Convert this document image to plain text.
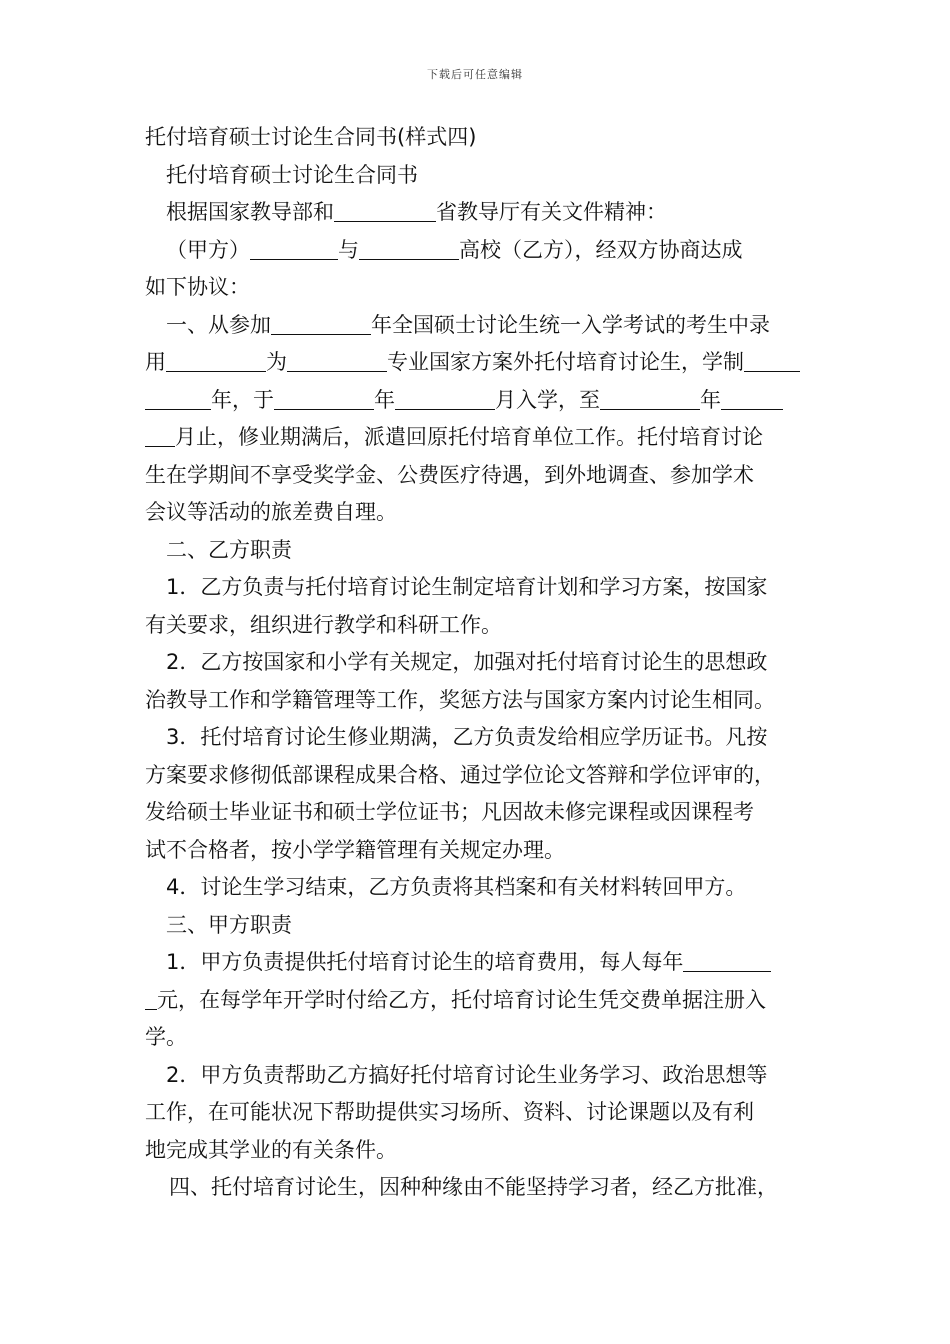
下载后可任意编辑
托付培育硕士讨论生合同书(样式四)
托付培育硕士讨论生合同书
根据国家教导部和	省教导厅有关文件精神：
（甲方）	与	高校（乙方），经双方协商达成
如下协议：
一、从参加	年全国硕士讨论生统一入学考试的考生中录
用	为	专业国家方案外托付培育讨论生，学制
年，于	年	月入学，至	年
月止，修业期满后，派遣回原托付培育单位工作。托付培育讨论
生在学期间不享受奖学金、公费医疗待遇，到外地调查、参加学术
会议等活动的旅差费自理。
二、乙方职责
1．乙方负责与托付培育讨论生制定培育计划和学习方案，按国家
有关要求，组织进行教学和科研工作。
2．乙方按国家和小学有关规定，加强对托付培育讨论生的思想政
治教导工作和学籍管理等工作，奖惩方法与国家方案内讨论生相同。
3．托付培育讨论生修业期满，乙方负责发给相应学历证书。凡按
方案要求修彻低部课程成果合格、通过学位论文答辩和学位评审的，
发给硕士毕业证书和硕士学位证书；凡因故未修完课程或因课程考
试不合格者，按小学学籍管理有关规定办理。
4．讨论生学习结束，乙方负责将其档案和有关材料转回甲方。
三、甲方职责
1．甲方负责提供托付培育讨论生的培育费用，每人每年
元，在每学年开学时付给乙方，托付培育讨论生凭交费单据注册入
学。
2．甲方负责帮助乙方搞好托付培育讨论生业务学习、政治思想等
工作，在可能状况下帮助提供实习场所、资料、讨论课题以及有利
地完成其学业的有关条件。
四、托付培育讨论生，因种种缘由不能坚持学习者，经乙方批准，
